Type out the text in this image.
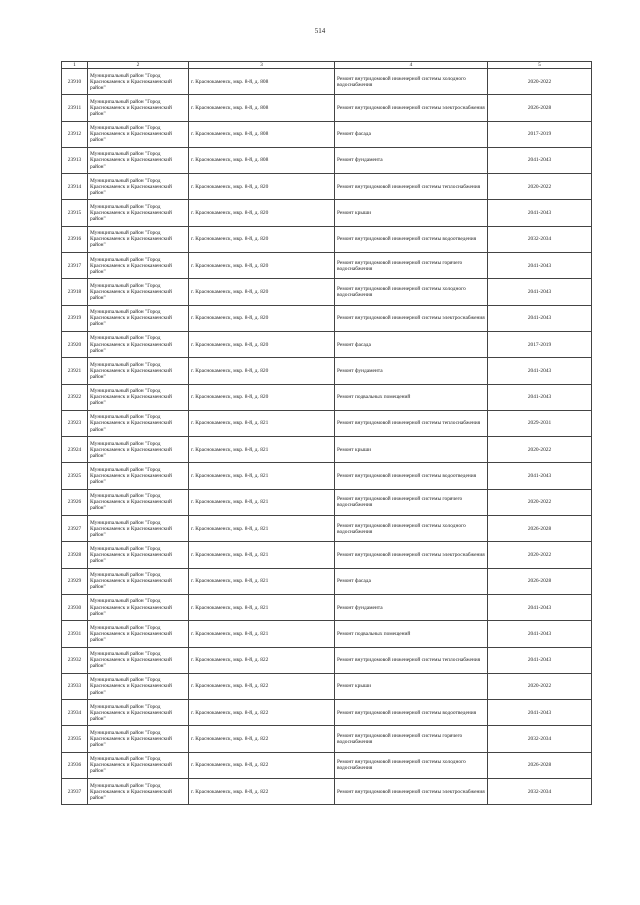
514
1	2	3	4	5
23910	Муниципальный район "Город Краснокаменск и Краснокаменский район"	г. Краснокаменск, мкр. 8-й, д. 808	Ремонт внутридомовой инженерной системы холодного водоснабжения	2020-2022
23911	Муниципальный район "Город Краснокаменск и Краснокаменский район"	г. Краснокаменск, мкр. 8-й, д. 808	Ремонт внутридомовой инженерной системы электроснабжения	2026-2028
23912	Муниципальный район "Город Краснокаменск и Краснокаменский район"	г. Краснокаменск, мкр. 8-й, д. 808	Ремонт фасада	2017-2019
23913	Муниципальный район "Город Краснокаменск и Краснокаменский район"	г. Краснокаменск, мкр. 8-й, д. 808	Ремонт фундамента	2041-2043
23914	Муниципальный район "Город Краснокаменск и Краснокаменский район"	г. Краснокаменск, мкр. 8-й, д. 820	Ремонт внутридомовой инженерной системы теплоснабжения	2020-2022
23915	Муниципальный район "Город Краснокаменск и Краснокаменский район"	г. Краснокаменск, мкр. 8-й, д. 820	Ремонт крыши	2041-2043
23916	Муниципальный район "Город Краснокаменск и Краснокаменский район"	г. Краснокаменск, мкр. 8-й, д. 820	Ремонт внутридомовой инженерной системы водоотведения	2032-2034
23917	Муниципальный район "Город Краснокаменск и Краснокаменский район"	г. Краснокаменск, мкр. 8-й, д. 820	Ремонт внутридомовой инженерной системы горячего водоснабжения	2041-2043
23918	Муниципальный район "Город Краснокаменск и Краснокаменский район"	г. Краснокаменск, мкр. 8-й, д. 820	Ремонт внутридомовой инженерной системы холодного водоснабжения	2041-2043
23919	Муниципальный район "Город Краснокаменск и Краснокаменский район"	г. Краснокаменск, мкр. 8-й, д. 820	Ремонт внутридомовой инженерной системы электроснабжения	2041-2043
23920	Муниципальный район "Город Краснокаменск и Краснокаменский район"	г. Краснокаменск, мкр. 8-й, д. 820	Ремонт фасада	2017-2019
23921	Муниципальный район "Город Краснокаменск и Краснокаменский район"	г. Краснокаменск, мкр. 8-й, д. 820	Ремонт фундамента	2041-2043
23922	Муниципальный район "Город Краснокаменск и Краснокаменский район"	г. Краснокаменск, мкр. 8-й, д. 820	Ремонт подвальных помещений	2041-2043
23923	Муниципальный район "Город Краснокаменск и Краснокаменский район"	г. Краснокаменск, мкр. 8-й, д. 821	Ремонт внутридомовой инженерной системы теплоснабжения	2029-2031
23924	Муниципальный район "Город Краснокаменск и Краснокаменский район"	г. Краснокаменск, мкр. 8-й, д. 821	Ремонт крыши	2020-2022
23925	Муниципальный район "Город Краснокаменск и Краснокаменский район"	г. Краснокаменск, мкр. 8-й, д. 821	Ремонт внутридомовой инженерной системы водоотведения	2041-2043
23926	Муниципальный район "Город Краснокаменск и Краснокаменский район"	г. Краснокаменск, мкр. 8-й, д. 821	Ремонт внутридомовой инженерной системы горячего водоснабжения	2020-2022
23927	Муниципальный район "Город Краснокаменск и Краснокаменский район"	г. Краснокаменск, мкр. 8-й, д. 821	Ремонт внутридомовой инженерной системы холодного водоснабжения	2026-2028
23928	Муниципальный район "Город Краснокаменск и Краснокаменский район"	г. Краснокаменск, мкр. 8-й, д. 821	Ремонт внутридомовой инженерной системы электроснабжения	2020-2022
23929	Муниципальный район "Город Краснокаменск и Краснокаменский район"	г. Краснокаменск, мкр. 8-й, д. 821	Ремонт фасада	2026-2028
23930	Муниципальный район "Город Краснокаменск и Краснокаменский район"	г. Краснокаменск, мкр. 8-й, д. 821	Ремонт фундамента	2041-2043
23931	Муниципальный район "Город Краснокаменск и Краснокаменский район"	г. Краснокаменск, мкр. 8-й, д. 821	Ремонт подвальных помещений	2041-2043
23932	Муниципальный район "Город Краснокаменск и Краснокаменский район"	г. Краснокаменск, мкр. 8-й, д. 822	Ремонт внутридомовой инженерной системы теплоснабжения	2041-2043
23933	Муниципальный район "Город Краснокаменск и Краснокаменский район"	г. Краснокаменск, мкр. 8-й, д. 822	Ремонт крыши	2020-2022
23934	Муниципальный район "Город Краснокаменск и Краснокаменский район"	г. Краснокаменск, мкр. 8-й, д. 822	Ремонт внутридомовой инженерной системы водоотведения	2041-2043
23935	Муниципальный район "Город Краснокаменск и Краснокаменский район"	г. Краснокаменск, мкр. 8-й, д. 822	Ремонт внутридомовой инженерной системы горячего водоснабжения	2032-2034
23936	Муниципальный район "Город Краснокаменск и Краснокаменский район"	г. Краснокаменск, мкр. 8-й, д. 822	Ремонт внутридомовой инженерной системы холодного водоснабжения	2026-2028
23937	Муниципальный район "Город Краснокаменск и Краснокаменский район"	г. Краснокаменск, мкр. 8-й, д. 822	Ремонт внутридомовой инженерной системы электроснабжения	2032-2034
